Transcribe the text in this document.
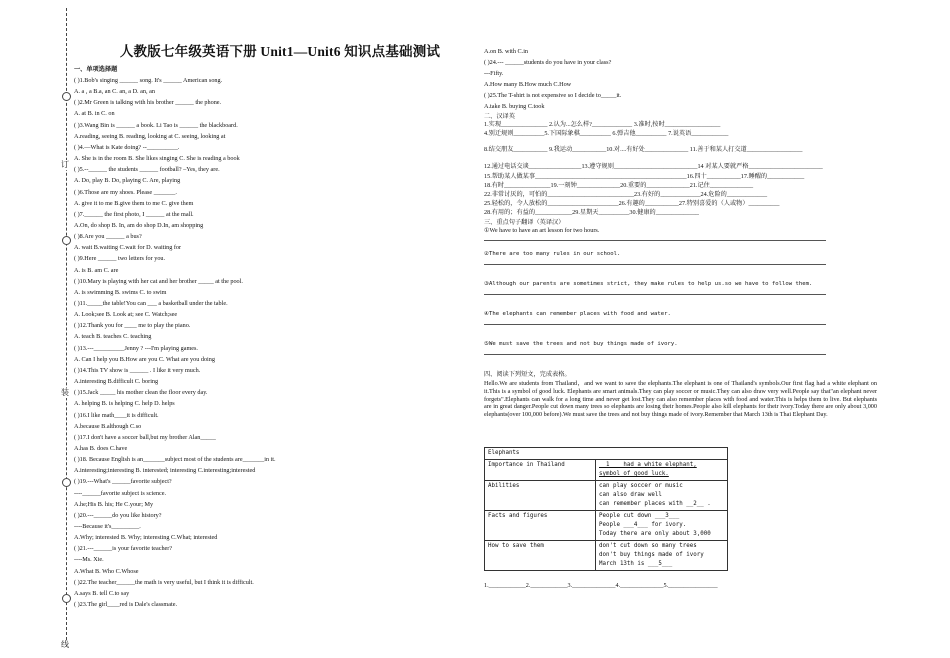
订
装
线
人教版七年级英语下册 Unit1—Unit6 知识点基础测试
一、单项选择题
( )1.Bob's singing ______ song. It's ______ American song.
A. a , a B.a, an C. an, a D. an, an
( )2.Mr Green is talking with his brother ______ the phone.
A. at B. in C. on
( )3.Wang Bin is ______ a book. Li Tao is ______ the blackboard.
A.reading, seeing B. reading, looking at C. seeing, looking at
( )4.—What is Kate doing? --__________.
A. She is in the room B. She likes singing C. She is reading a book
( )5.--______ the students ______ football? –Yes, they are.
A. Do, play B. Do, playing C. Are, playing
( )6.Those are my shoes. Please _______.
A. give it to me B.give them to me C. give them
( )7.______ the first photo, I ______ at the mall.
A.On, do shop B. In, am do shop D.In, am shopping
( )8.Are you ______ a bus?
A. wait B.waiting C.wait for D. waiting for
( )9.Here ______ two letters for you.
A. is B. am C. are
( )10.Mary is playing with her cat and her brother _____ at the pool.
A. is swimming B. swims C. to swim
( )11._____the table!You can ___ a basketball under the table.
A. Look;see B. Look at; see C. Watch;see
( )12.Thank you for ____ me to play the piano.
A. teach B. teaches C. teaching
( )13.---__________Jenny ? ---I'm playing games.
A. Can I help you B.How are you C. What are you doing
( )14.This TV show is ______ . I like it very much.
A.interesting B.difficult C. boring
( )15.Jack _____ his mother clean the floor every day.
A. helping B. is helping C. help D. helps
( )16.I like math____it is difficult.
A.because B.although C.so
( )17.I don't have a soccer ball,but my brother Alan_____
A.has B. does C.have
( )18. Because English is an_______subject most of the students are_______in it.
A.interesting;interesting B. interested; interesting C.interesting;interested
( )19.---What's ______favorite subject?
----______favorite subject is science.
A.he;His B. his; He C.your; My
( )20.---______do you like history?
----Because it's_________.
A.Why; interested B. Why; interesting C.What; interested
( )21.---______is your favorite teacher?
----Ms. Xie.
A.What B. Who C.Whose
( )22.The teacher______the math is very useful, but I think it is difficult.
A.says B. tell C.to say
( )23.The girl____red is Dale's classmate.
A.on B. with C.in
( )24.--- ______students do you have in your class?
---Fifty.
A.How many B.How much C.How
( )25.The T-shirt is not expensive so I decide to_____it.
A.take B. buying C.took
二、汉译英
1.实现_______________ 2.认为...怎么样?_____________ 3.准时,按时__________________
4.别迁规则__________5.下国际象棋__________ 6.弹吉他__________ 7.说英语____________
8.结交朋友___________ 9.我运动___________10.对....有好处______________ 11.善于和某人打交道__________________
12.通过电话交谈_________________13.遵守规则___________________________14 对某人要就严格________________________
15.帮助某人做某事_________________________________________________16.四十___________17.睡醒的____________
18.有时_______________19.一刻钟______________20.重要的______________21.记住______________
22.非常讨厌的，可怕的____________________________23.有好的_____________24.危险的_____________
25.轻松的，令人放松的_______________________26.有趣的___________27.特别喜爱的（人或物）__________
28.有用的；有益的____________29.星期天__________30.健康的______________
三、重点句子翻译（英译汉）
①We have to have an art lesson for two hours.
②There are too many rules in our school.
③Although our parents are sometimes strict, they make rules to help us.so we have to follow them.
④The elephants can remember places with food and water.
⑤We must save the trees and not buy things made of ivory.
四、阅读下列短文，完成表格。
Hello.We are students from Thailand，and we want to save the elephants.The elephant is one of Thailand's symbols.Our first flag had a white elephant on it.This is a symbol of good luck. Elephants are smart animals.They can play soccer or music.They can also draw very well.People say that"an elephant never forgets".Elephants can walk for a long time and never get lost.They can also remember places with food and water.This is helps them to live. But elephants are in great danger.People cut down many trees so elephants are losing their homes.People also kill elephants for their ivory.Today there are only about 3,000 elephants(over 100,000 before).We must save the trees and not buy things made of ivory.Remember that March 13th is Thai Elephant Day.
Elephants	
Importance in Thailand	__1___ had a white elephant,
symbol of good luck.

Abilities	can play soccer or music
can also draw well
can remember places with __2__ .

Facts and figures	People cut down ___3___
People ___4___ for ivory.
Today there are only about 3,000

How to save them	don't cut down so many trees
don't buy things made of ivory
March 13th is ___5___
1.____________2.____________3.______________4.______________5.________________
